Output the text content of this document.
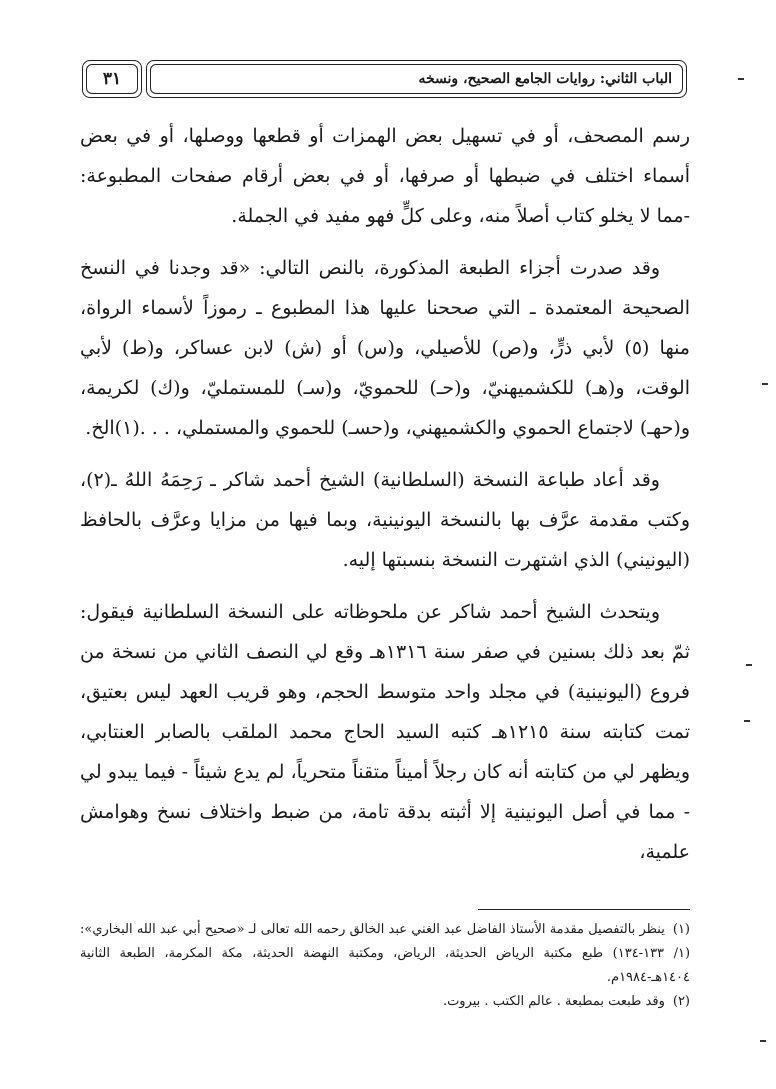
٣١	الباب الثاني: روايات الجامع الصحيح، ونسخه

رسم المصحف، أو في تسهيل بعض الهمزات أو قطعها ووصلها، أو في بعض أسماء اختلف في ضبطها أو صرفها، أو في بعض أرقام صفحات المطبوعة: -مما لا يخلو كتاب أصلاً منه، وعلى كلٍّ فهو مفيد في الجملة.

وقد صدرت أجزاء الطبعة المذكورة، بالنص التالي: «قد وجدنا في النسخ الصحيحة المعتمدة ـ التي صححنا عليها هذا المطبوع ـ رموزاً لأسماء الرواة، منها (٥) لأبي ذرٍّ، و(ص) للأصيلي، و(س) أو (ش) لابن عساكر، و(ط) لأبي الوقت، و(هـ) للكشميهنيّ، و(حـ) للحمويّ، و(سـ) للمستمليّ، و(ك) لكريمة، و(حهـ) لاجتماع الحموي والكشميهني، و(حسـ) للحموي والمستملي، . . .(١)الخ.

وقد أعاد طباعة النسخة (السلطانية) الشيخ أحمد شاكر ـ رَحِمَهُ اللهُ ـ(٢)، وكتب مقدمة عرَّف بها بالنسخة اليونينية، وبما فيها من مزايا وعرَّف بالحافظ (اليونيني) الذي اشتهرت النسخة بنسبتها إليه.

ويتحدث الشيخ أحمد شاكر عن ملحوظاته على النسخة السلطانية فيقول: ثمّ بعد ذلك بسنين في صفر سنة ١٣١٦هـ وقع لي النصف الثاني من نسخة من فروع (اليونينية) في مجلد واحد متوسط الحجم، وهو قريب العهد ليس بعتيق، تمت كتابته سنة ١٢١٥هـ كتبه السيد الحاج محمد الملقب بالصابر العنتابي، ويظهر لي من كتابته أنه كان رجلاً أميناً متقناً متحرياً، لم يدع شيئاً - فيما يبدو لي - مما في أصل اليونينية إلا أثبته بدقة تامة، من ضبط واختلاف نسخ وهوامش علمية،

(١)ينظر بالتفصيل مقدمة الأستاذ الفاضل عبد الغني عبد الخالق رحمه الله تعالى لـ «صحيح أبي عبد الله البخاري»: (١/ ١٣٣-١٣٤) طبع مكتبة الرياض الحديثة، الرياض، ومكتبة النهضة الحديثة، مكة المكرمة، الطبعة الثانية ١٤٠٤هـ-١٩٨٤م.

(٢)وقد طبعت بمطبعة . عالم الكتب . بيروت.
